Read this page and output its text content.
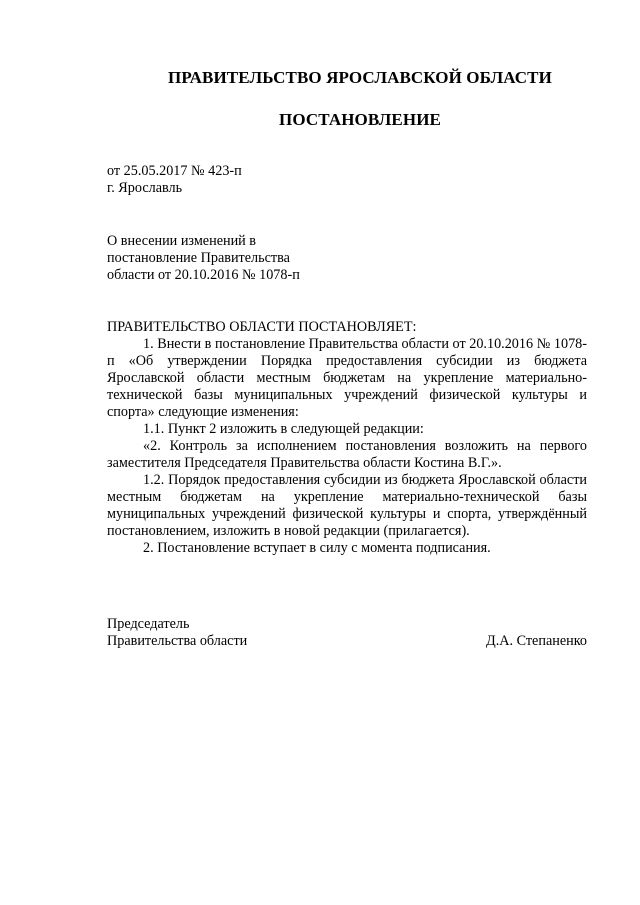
ПРАВИТЕЛЬСТВО ЯРОСЛАВСКОЙ ОБЛАСТИ
ПОСТАНОВЛЕНИЕ

от 25.05.2017 № 423-п

г. Ярославль

О внесении изменений в

постановление Правительства

области от 20.10.2016 № 1078-п

ПРАВИТЕЛЬСТВО ОБЛАСТИ ПОСТАНОВЛЯЕТ:

1. Внести в постановление Правительства области от 20.10.2016 № 1078-п «Об утверждении Порядка предоставления субсидии из бюджета Ярославской области местным бюджетам на укрепление материально-технической базы муниципальных учреждений физической культуры и спорта» следующие изменения:

1.1. Пункт 2 изложить в следующей редакции:

«2. Контроль за исполнением постановления возложить на первого заместителя Председателя Правительства области Костина В.Г.».

1.2. Порядок предоставления субсидии из бюджета Ярославской области местным бюджетам на укрепление материально-технической базы муниципальных учреждений физической культуры и спорта, утверждённый постановлением, изложить в новой редакции (прилагается).

2. Постановление вступает в силу с момента подписания.

Председатель

Правительства области	Д.А. Степаненко
